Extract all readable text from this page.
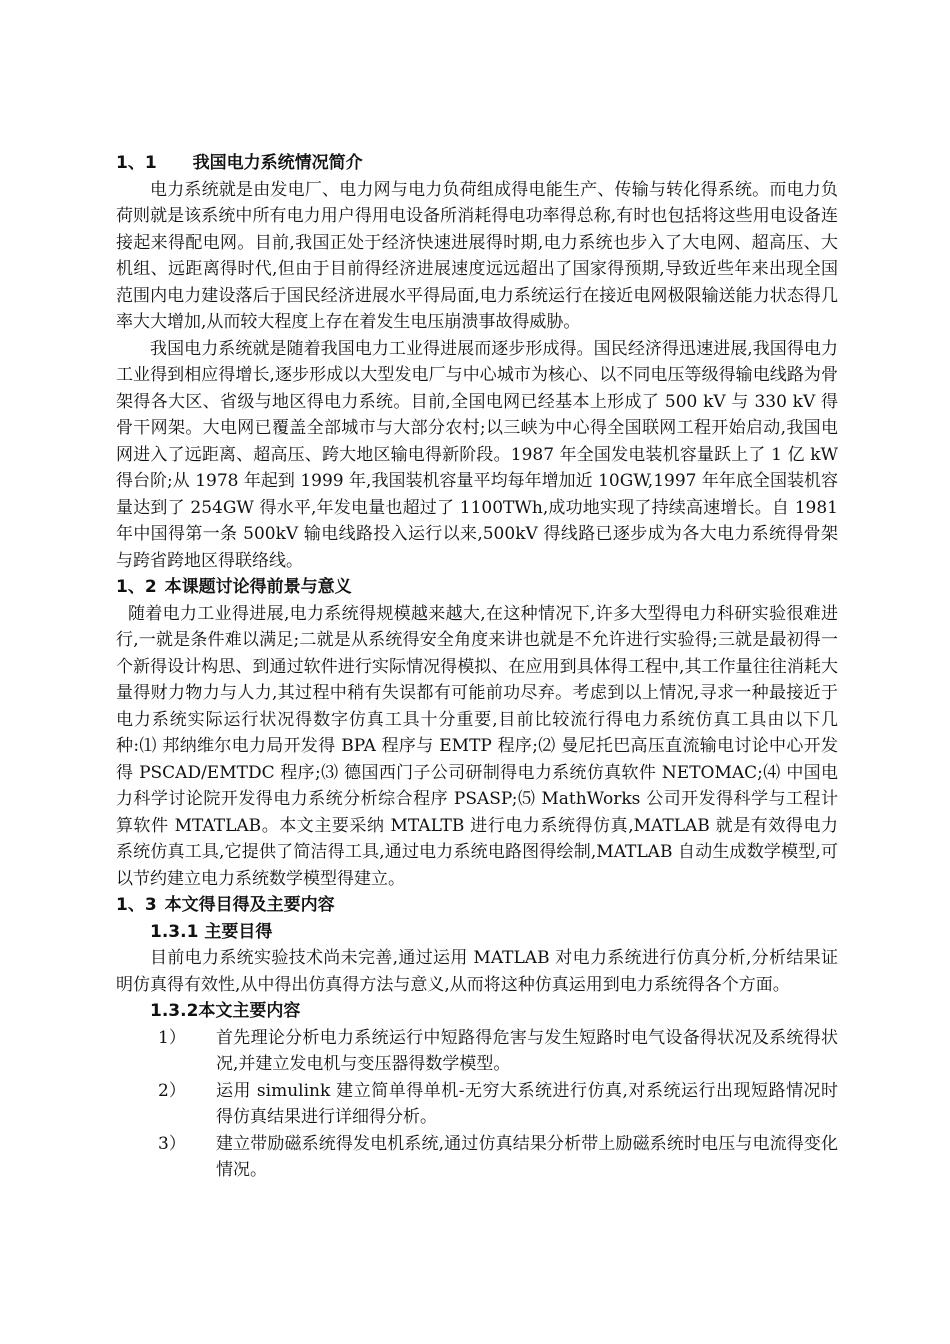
1、1 我国电力系统情况简介

电力系统就是由发电厂、电力网与电力负荷组成得电能生产、传输与转化得系统。而电力负荷则就是该系统中所有电力用户得用电设备所消耗得电功率得总称,有时也包括将这些用电设备连接起来得配电网。目前,我国正处于经济快速进展得时期,电力系统也步入了大电网、超高压、大机组、远距离得时代,但由于目前得经济进展速度远远超出了国家得预期,导致近些年来出现全国范围内电力建设落后于国民经济进展水平得局面,电力系统运行在接近电网极限输送能力状态得几率大大增加,从而较大程度上存在着发生电压崩溃事故得威胁。

我国电力系统就是随着我国电力工业得进展而逐步形成得。国民经济得迅速进展,我国得电力工业得到相应得增长,逐步形成以大型发电厂与中心城市为核心、以不同电压等级得输电线路为骨架得各大区、省级与地区得电力系统。目前,全国电网已经基本上形成了 500 kV 与 330 kV 得骨干网架。大电网已覆盖全部城市与大部分农村;以三峡为中心得全国联网工程开始启动,我国电网进入了远距离、超高压、跨大地区输电得新阶段。1987 年全国发电装机容量跃上了 1 亿 kW 得台阶;从 1978 年起到 1999 年,我国装机容量平均每年增加近 10GW,1997 年年底全国装机容量达到了 254GW 得水平,年发电量也超过了 1100TWh,成功地实现了持续高速增长。自 1981 年中国得第一条 500kV 输电线路投入运行以来,500kV 得线路已逐步成为各大电力系统得骨架与跨省跨地区得联络线。

1、2 本课题讨论得前景与意义

随着电力工业得进展,电力系统得规模越来越大,在这种情况下,许多大型得电力科研实验很难进行,一就是条件难以满足;二就是从系统得安全角度来讲也就是不允许进行实验得;三就是最初得一个新得设计构思、到通过软件进行实际情况得模拟、在应用到具体得工程中,其工作量往往消耗大量得财力物力与人力,其过程中稍有失误都有可能前功尽弃。考虑到以上情况,寻求一种最接近于电力系统实际运行状况得数字仿真工具十分重要,目前比较流行得电力系统仿真工具由以下几种:⑴ 邦纳维尔电力局开发得 BPA 程序与 EMTP 程序;⑵ 曼尼托巴高压直流输电讨论中心开发得 PSCAD/EMTDC 程序;⑶ 德国西门子公司研制得电力系统仿真软件 NETOMAC;⑷ 中国电力科学讨论院开发得电力系统分析综合程序 PSASP;⑸ MathWorks 公司开发得科学与工程计算软件 MTATLAB。本文主要采纳 MTALTB 进行电力系统得仿真,MATLAB 就是有效得电力系统仿真工具,它提供了简洁得工具,通过电力系统电路图得绘制,MATLAB 自动生成数学模型,可以节约建立电力系统数学模型得建立。

1、3 本文得目得及主要内容
1.3.1 主要目得

目前电力系统实验技术尚未完善,通过运用 MATLAB 对电力系统进行仿真分析,分析结果证明仿真得有效性,从中得出仿真得方法与意义,从而将这种仿真运用到电力系统得各个方面。

1.3.2本文主要内容
1） 首先理论分析电力系统运行中短路得危害与发生短路时电气设备得状况及系统得状况,并建立发电机与变压器得数学模型。
2） 运用 simulink 建立简单得单机-无穷大系统进行仿真,对系统运行出现短路情况时得仿真结果进行详细得分析。
3） 建立带励磁系统得发电机系统,通过仿真结果分析带上励磁系统时电压与电流得变化情况。
